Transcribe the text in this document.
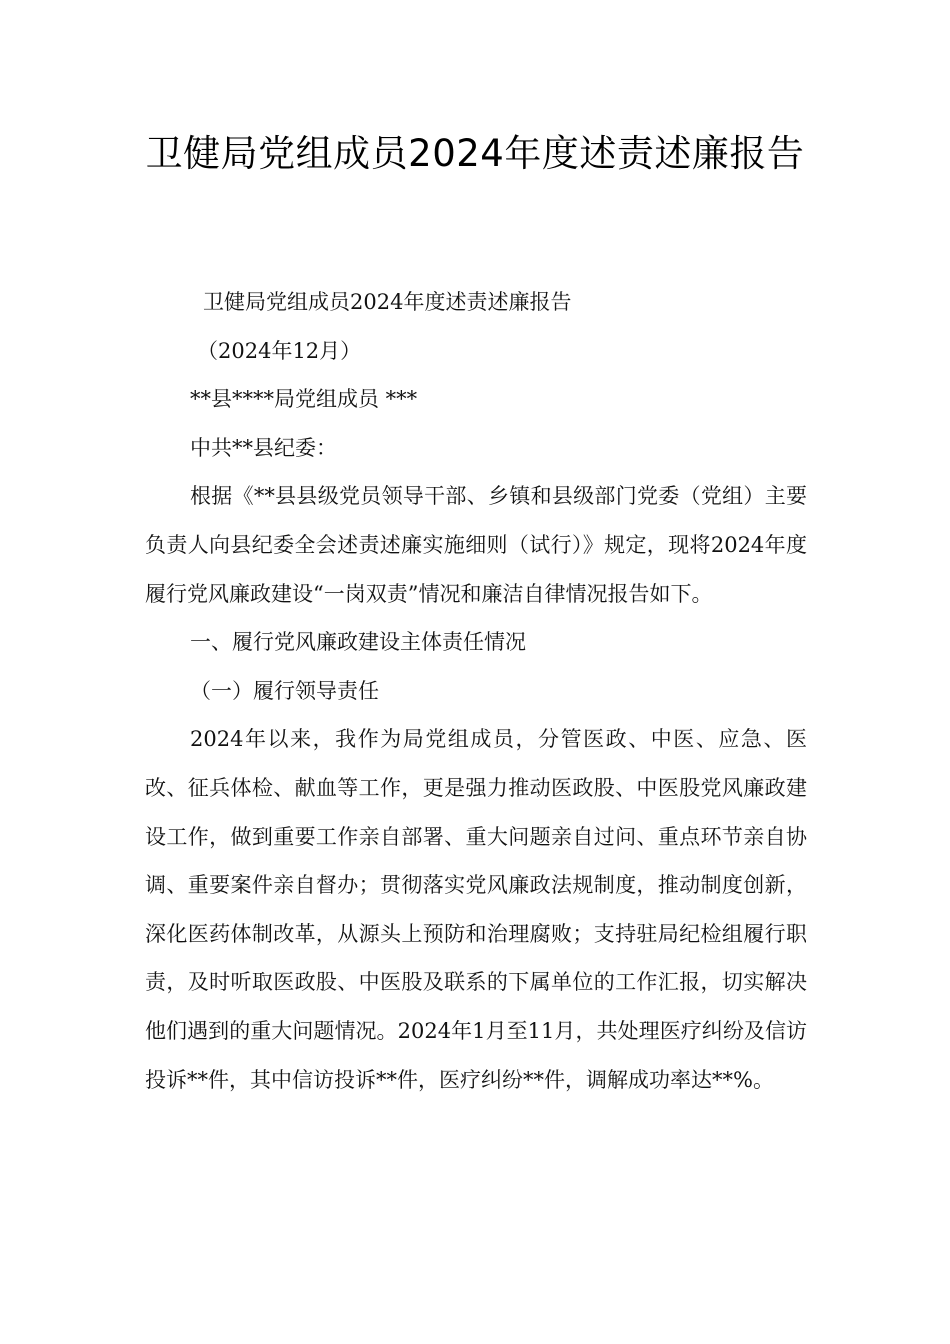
卫健局党组成员2024年度述责述廉报告

卫健局党组成员2024年度述责述廉报告

（2024年12月）

**县****局党组成员 ***

中共**县纪委：

根据《**县县级党员领导干部、乡镇和县级部门党委（党组）主要负责人向县纪委全会述责述廉实施细则（试行）》规定，现将2024年度履行党风廉政建设“一岗双责”情况和廉洁自律情况报告如下。

一、履行党风廉政建设主体责任情况

（一）履行领导责任

2024年以来，我作为局党组成员，分管医政、中医、应急、医改、征兵体检、献血等工作，更是强力推动医政股、中医股党风廉政建设工作，做到重要工作亲自部署、重大问题亲自过问、重点环节亲自协调、重要案件亲自督办；贯彻落实党风廉政法规制度，推动制度创新，深化医药体制改革，从源头上预防和治理腐败；支持驻局纪检组履行职责，及时听取医政股、中医股及联系的下属单位的工作汇报，切实解决他们遇到的重大问题情况。2024年1月至11月，共处理医疗纠纷及信访投诉**件，其中信访投诉**件，医疗纠纷**件，调解成功率达**%。
